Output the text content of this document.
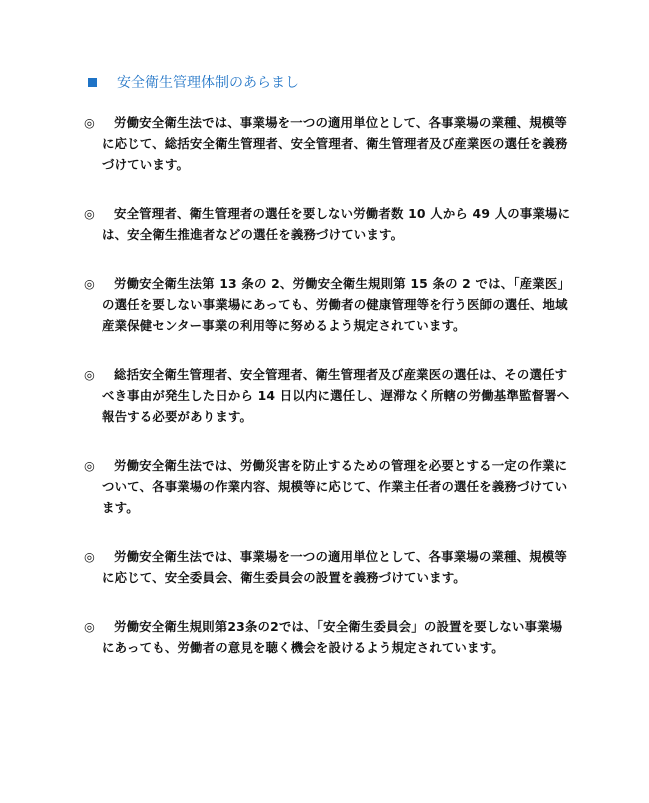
安全衛生管理体制のあらまし
◎	労働安全衛生法では、事業場を一つの適用単位として、各事業場の業種、規模等に応じて、総括安全衛生管理者、安全管理者、衛生管理者及び産業医の選任を義務づけています。
◎	安全管理者、衛生管理者の選任を要しない労働者数 10 人から 49 人の事業場には、安全衛生推進者などの選任を義務づけています。
◎	労働安全衛生法第 13 条の 2、労働安全衛生規則第 15 条の 2 では、「産業医」の選任を要しない事業場にあっても、労働者の健康管理等を行う医師の選任、地域産業保健センター事業の利用等に努めるよう規定されています。
◎	総括安全衛生管理者、安全管理者、衛生管理者及び産業医の選任は、その選任すべき事由が発生した日から 14 日以内に選任し、遅滞なく所轄の労働基準監督署へ報告する必要があります。
◎	労働安全衛生法では、労働災害を防止するための管理を必要とする一定の作業について、各事業場の作業内容、規模等に応じて、作業主任者の選任を義務づけています。
◎	労働安全衛生法では、事業場を一つの適用単位として、各事業場の業種、規模等に応じて、安全委員会、衛生委員会の設置を義務づけています。
◎	労働安全衛生規則第23条の2では、「安全衛生委員会」の設置を要しない事業場にあっても、労働者の意見を聴く機会を設けるよう規定されています。
